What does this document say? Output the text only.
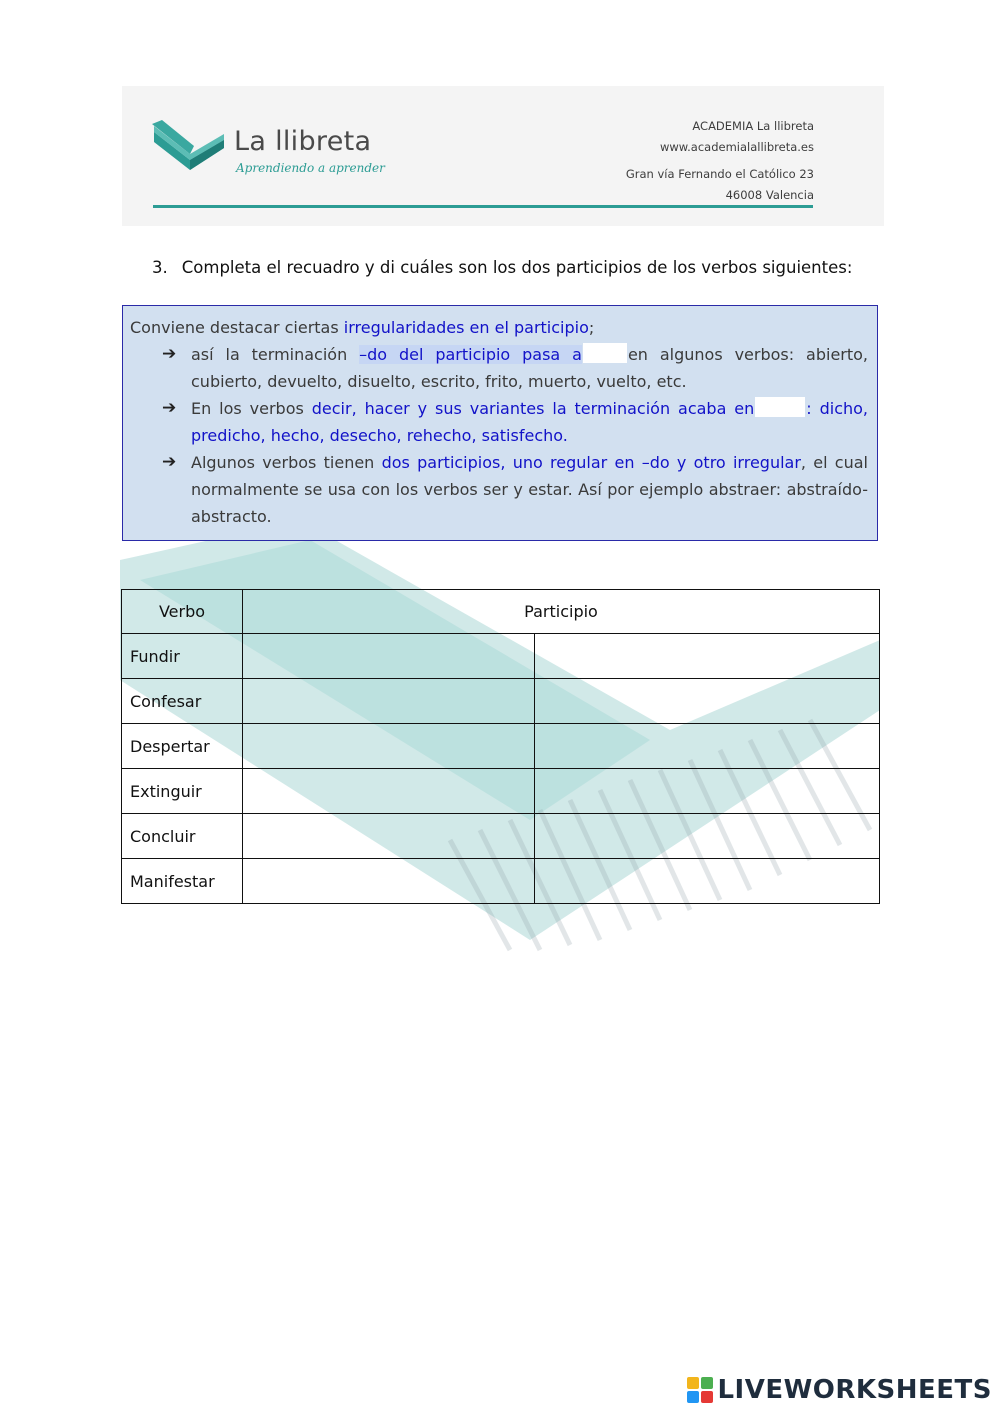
La llibreta
Aprendiendo a aprender
ACADEMIA La llibreta
www.academialallibreta.es
Gran vía Fernando el Católico 23
46008 Valencia
3. Completa el recuadro y di cuáles son los dos participios de los verbos siguientes:

Conviene destacar ciertas irregularidades en el participio;

➔ así la terminación –do del participio pasa a	en algunos verbos: abierto, cubierto, devuelto, disuelto, escrito, frito, muerto, vuelto, etc.
➔ En los verbos decir, hacer y sus variantes la terminación acaba en	: dicho, predicho, hecho, desecho, rehecho, satisfecho.
➔ Algunos verbos tienen dos participios, uno regular en –do y otro irregular, el cual normalmente se usa con los verbos ser y estar. Así por ejemplo abstraer: abstraído-abstracto.
Verbo	Participio	
Fundir		
Confesar		
Despertar		
Extinguir		
Concluir		
Manifestar		
LIVEWORKSHEETS
